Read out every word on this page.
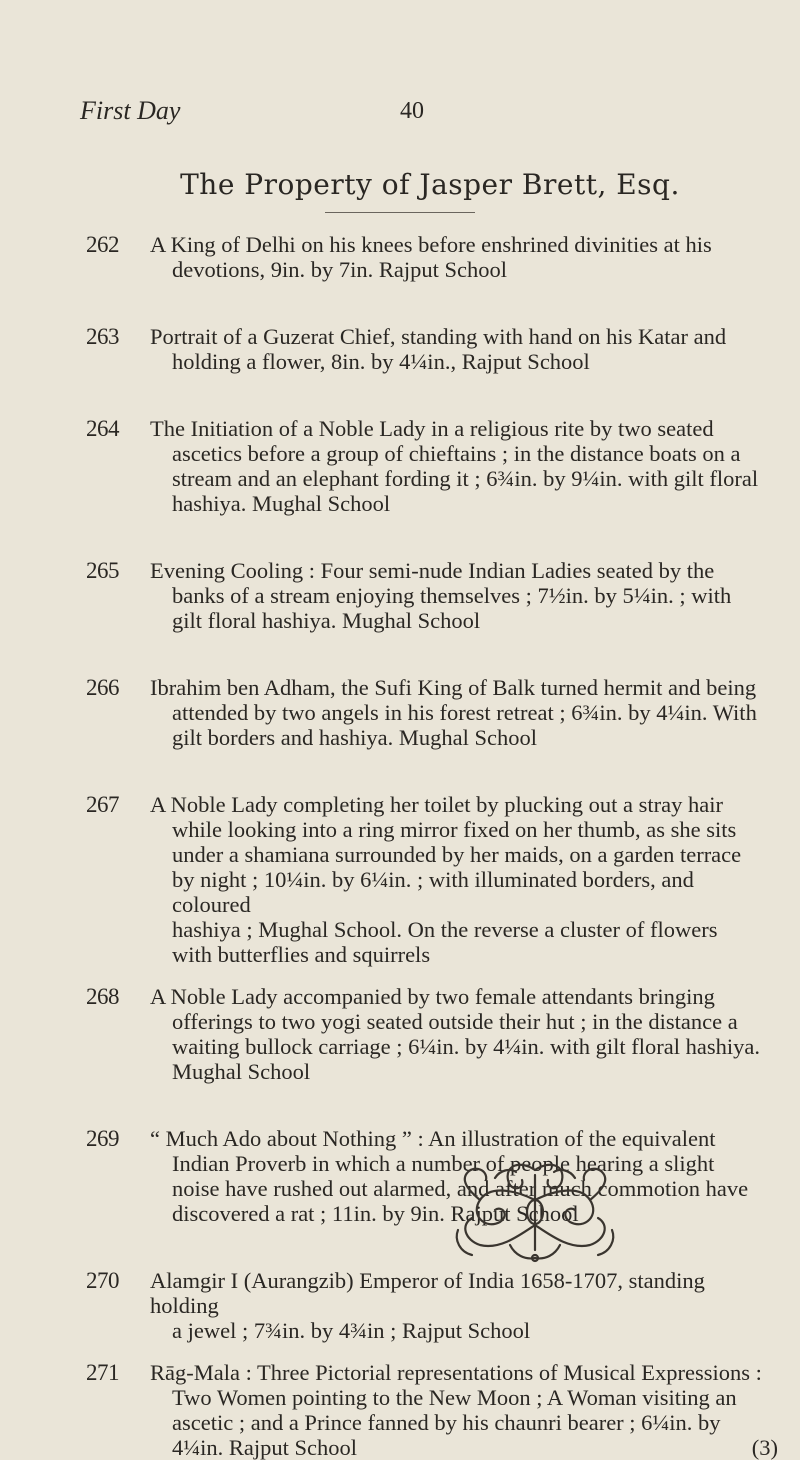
First Day	40
The Property of Jasper Brett, Esq.
262	A King of Delhi on his knees before enshrined divinities at his
devotions, 9in. by 7in. Rajput School
263	Portrait of a Guzerat Chief, standing with hand on his Katar and
holding a flower, 8in. by 4¼in., Rajput School
264	The Initiation of a Noble Lady in a religious rite by two seated
ascetics before a group of chieftains ; in the distance boats on a
stream and an elephant fording it ; 6¾in. by 9¼in. with gilt floral
hashiya. Mughal School
265	Evening Cooling : Four semi-nude Indian Ladies seated by the
banks of a stream enjoying themselves ; 7½in. by 5¼in. ; with
gilt floral hashiya. Mughal School
266	Ibrahim ben Adham, the Sufi King of Balk turned hermit and being
attended by two angels in his forest retreat ; 6¾in. by 4¼in. With
gilt borders and hashiya. Mughal School
267	A Noble Lady completing her toilet by plucking out a stray hair
while looking into a ring mirror fixed on her thumb, as she sits
under a shamiana surrounded by her maids, on a garden terrace
by night ; 10¼in. by 6¼in. ; with illuminated borders, and coloured
hashiya ; Mughal School. On the reverse a cluster of flowers
with butterflies and squirrels
268	A Noble Lady accompanied by two female attendants bringing
offerings to two yogi seated outside their hut ; in the distance a
waiting bullock carriage ; 6¼in. by 4¼in. with gilt floral hashiya.
Mughal School
269	“ Much Ado about Nothing ” : An illustration of the equivalent
Indian Proverb in which a number of people hearing a slight
noise have rushed out alarmed, and after much commotion have
discovered a rat ; 11in. by 9in. Rajput School
270	Alamgir I (Aurangzib) Emperor of India 1658-1707, standing holding
a jewel ; 7¾in. by 4¾in ; Rajput School
271	Rāg-Mala : Three Pictorial representations of Musical Expressions :
Two Women pointing to the New Moon ; A Woman visiting an
ascetic ; and a Prince fanned by his chaunri bearer ; 6¼in. by
4¼in. Rajput School	(3)
